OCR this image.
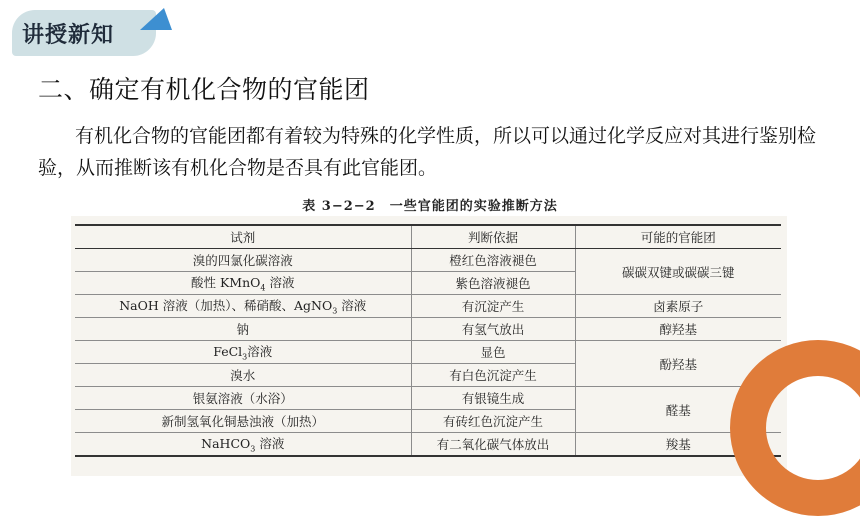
讲授新知
二、确定有机化合物的官能团
有机化合物的官能团都有着较为特殊的化学性质，所以可以通过化学反应对其进行鉴别检验，从而推断该有机化合物是否具有此官能团。
表 3−2−2　一些官能团的实验推断方法
试剂	判断依据	可能的官能团
溴的四氯化碳溶液	橙红色溶液褪色	碳碳双键或碳碳三键
酸性 KMnO$_4$ 溶液	紫色溶液褪色	
NaOH 溶液（加热）、稀硝酸、AgNO$_3$ 溶液	有沉淀产生	卤素原子
钠	有氢气放出	醇羟基
FeCl$_3$溶液	显色	酚羟基
溴水	有白色沉淀产生	
银氨溶液（水浴）	有银镜生成	醛基
新制氢氧化铜悬浊液（加热）	有砖红色沉淀产生	
NaHCO$_3$ 溶液	有二氧化碳气体放出	羧基
